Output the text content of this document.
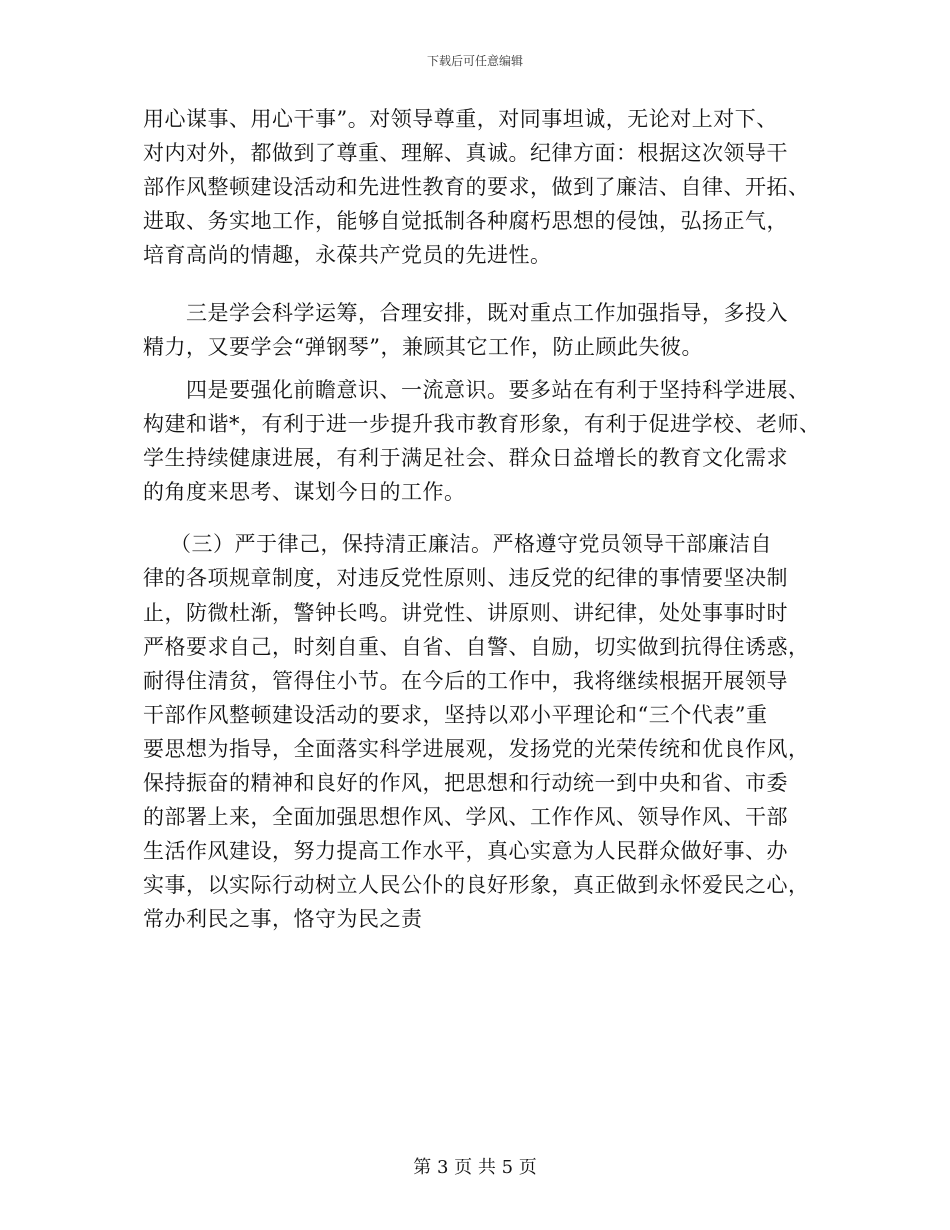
下载后可任意编辑
用心谋事、用心干事”。对领导尊重，对同事坦诚，无论对上对下、
对内对外，都做到了尊重、理解、真诚。纪律方面：根据这次领导干
部作风整顿建设活动和先进性教育的要求，做到了廉洁、自律、开拓、
进取、务实地工作，能够自觉抵制各种腐朽思想的侵蚀，弘扬正气，
培育高尚的情趣，永葆共产党员的先进性。
三是学会科学运筹，合理安排，既对重点工作加强指导，多投入
精力，又要学会“弹钢琴”，兼顾其它工作，防止顾此失彼。
四是要强化前瞻意识、一流意识。要多站在有利于坚持科学进展、
构建和谐*，有利于进一步提升我市教育形象，有利于促进学校、老师、
学生持续健康进展，有利于满足社会、群众日益增长的教育文化需求
的角度来思考、谋划今日的工作。
（三）严于律己，保持清正廉洁。严格遵守党员领导干部廉洁自
律的各项规章制度，对违反党性原则、违反党的纪律的事情要坚决制
止，防微杜渐，警钟长鸣。讲党性、讲原则、讲纪律，处处事事时时
严格要求自己，时刻自重、自省、自警、自励，切实做到抗得住诱惑，
耐得住清贫，管得住小节。在今后的工作中，我将继续根据开展领导
干部作风整顿建设活动的要求，坚持以邓小平理论和“三个代表”重
要思想为指导，全面落实科学进展观，发扬党的光荣传统和优良作风，
保持振奋的精神和良好的作风，把思想和行动统一到中央和省、市委
的部署上来，全面加强思想作风、学风、工作作风、领导作风、干部
生活作风建设，努力提高工作水平，真心实意为人民群众做好事、办
实事，以实际行动树立人民公仆的良好形象，真正做到永怀爱民之心，
常办利民之事，恪守为民之责
第 3 页 共 5 页
